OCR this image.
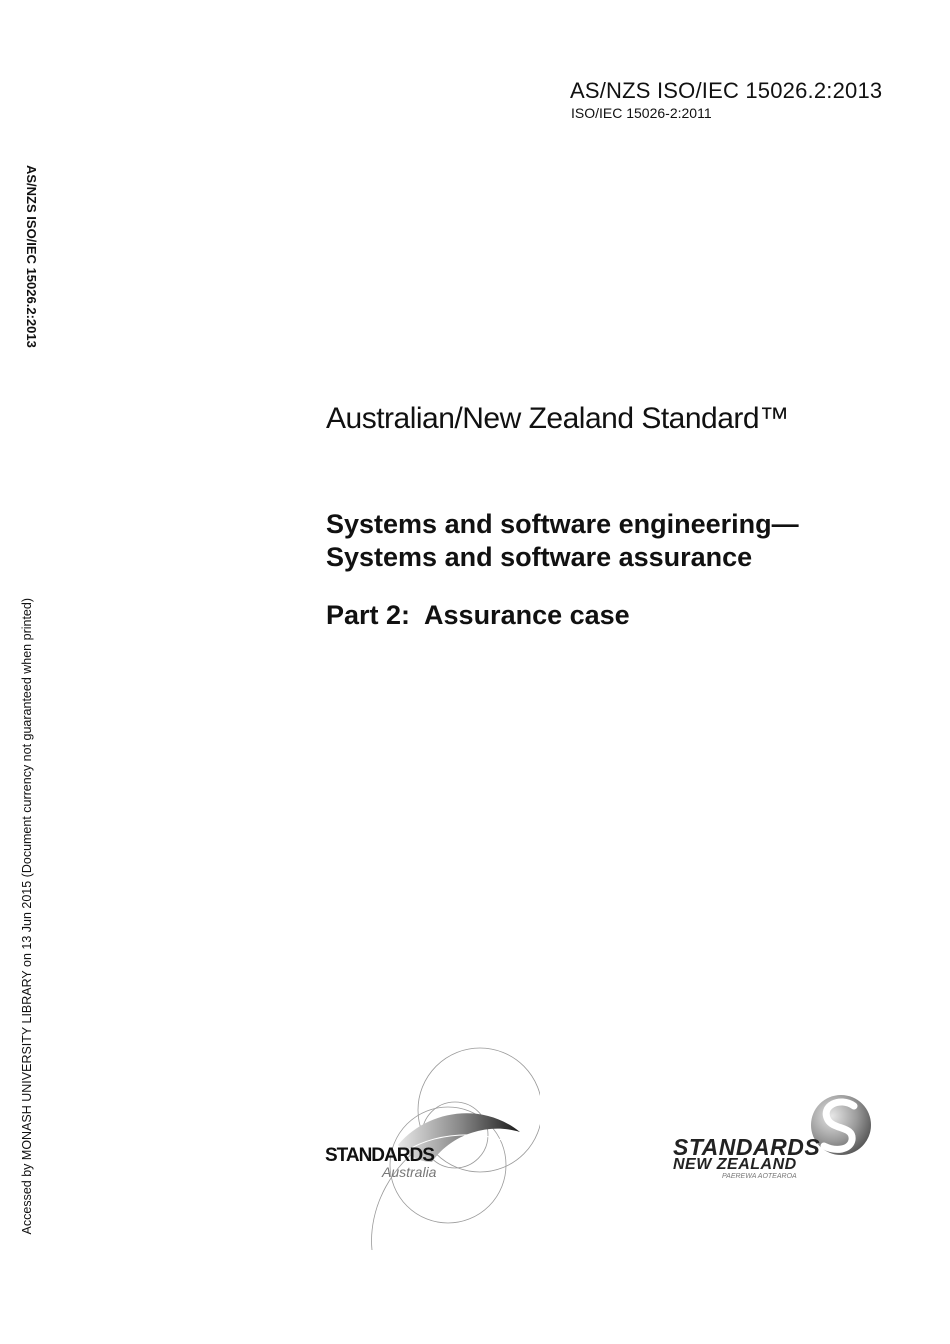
AS/NZS ISO/IEC 15026.2:2013
ISO/IEC 15026-2:2011
AS/NZS ISO/IEC 15026.2:2013
Accessed by MONASH UNIVERSITY LIBRARY on 13 Jun 2015 (Document currency not guaranteed when printed)
Australian/New Zealand Standard™
Systems and software engineering—
Systems and software assurance
Part 2:  Assurance case
STANDARDS
Australia
STANDARDS
NEW ZEALAND
PAEREWA AOTEAROA
